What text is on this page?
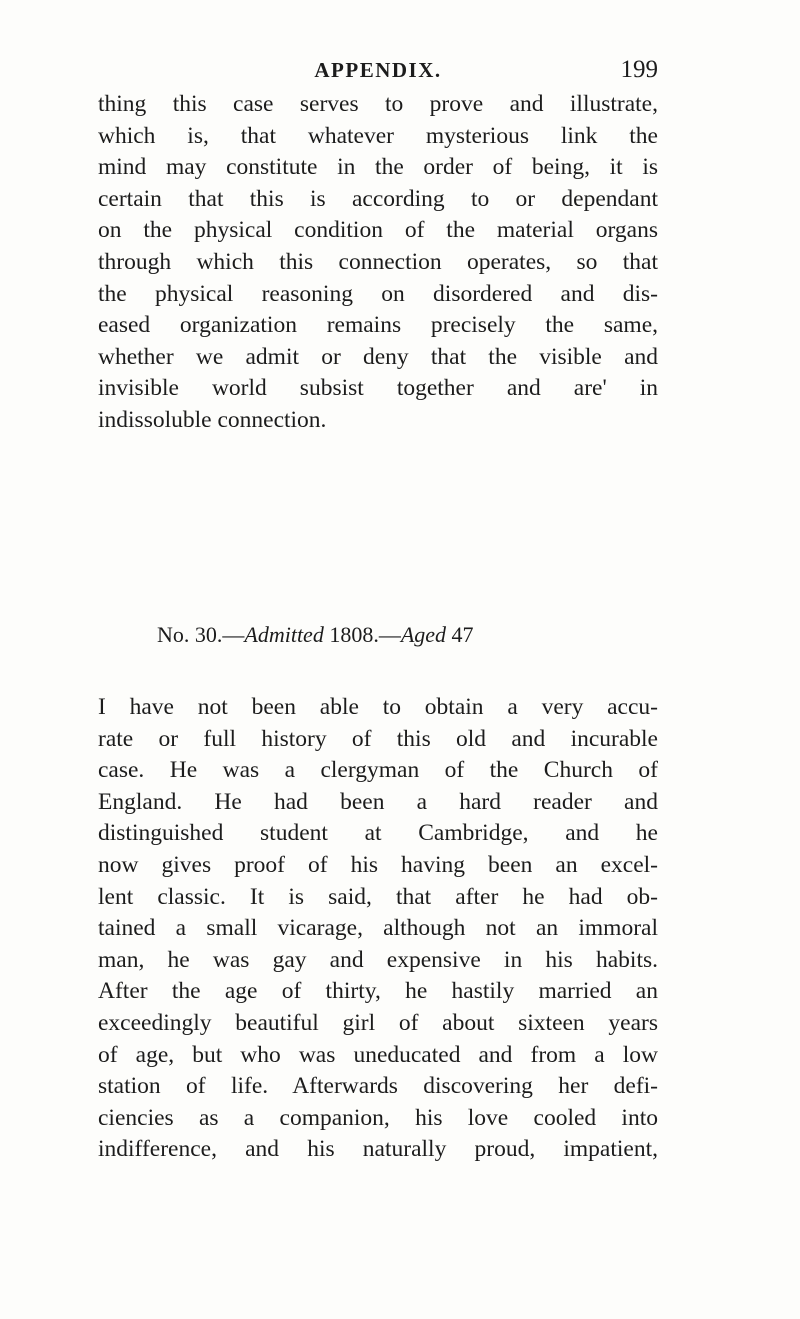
APPENDIX.	199

thing this case serves to prove and illustrate,
which is, that whatever mysterious link the
mind may constitute in the order of being, it is
certain that this is according to or dependant
on the physical condition of the material organs
through which this connection operates, so that
the physical reasoning on disordered and dis-
eased organization remains precisely the same,
whether we admit or deny that the visible and
invisible world subsist together and are' in
indissoluble connection.

No. 30.—Admitted 1808.—Aged 47

I have not been able to obtain a very accu-
rate or full history of this old and incurable
case. He was a clergyman of the Church of
England. He had been a hard reader and
distinguished student at Cambridge, and he
now gives proof of his having been an excel-
lent classic. It is said, that after he had ob-
tained a small vicarage, although not an immoral
man, he was gay and expensive in his habits.
After the age of thirty, he hastily married an
exceedingly beautiful girl of about sixteen years
of age, but who was uneducated and from a low
station of life. Afterwards discovering her defi-
ciencies as a companion, his love cooled into
indifference, and his naturally proud, impatient,
